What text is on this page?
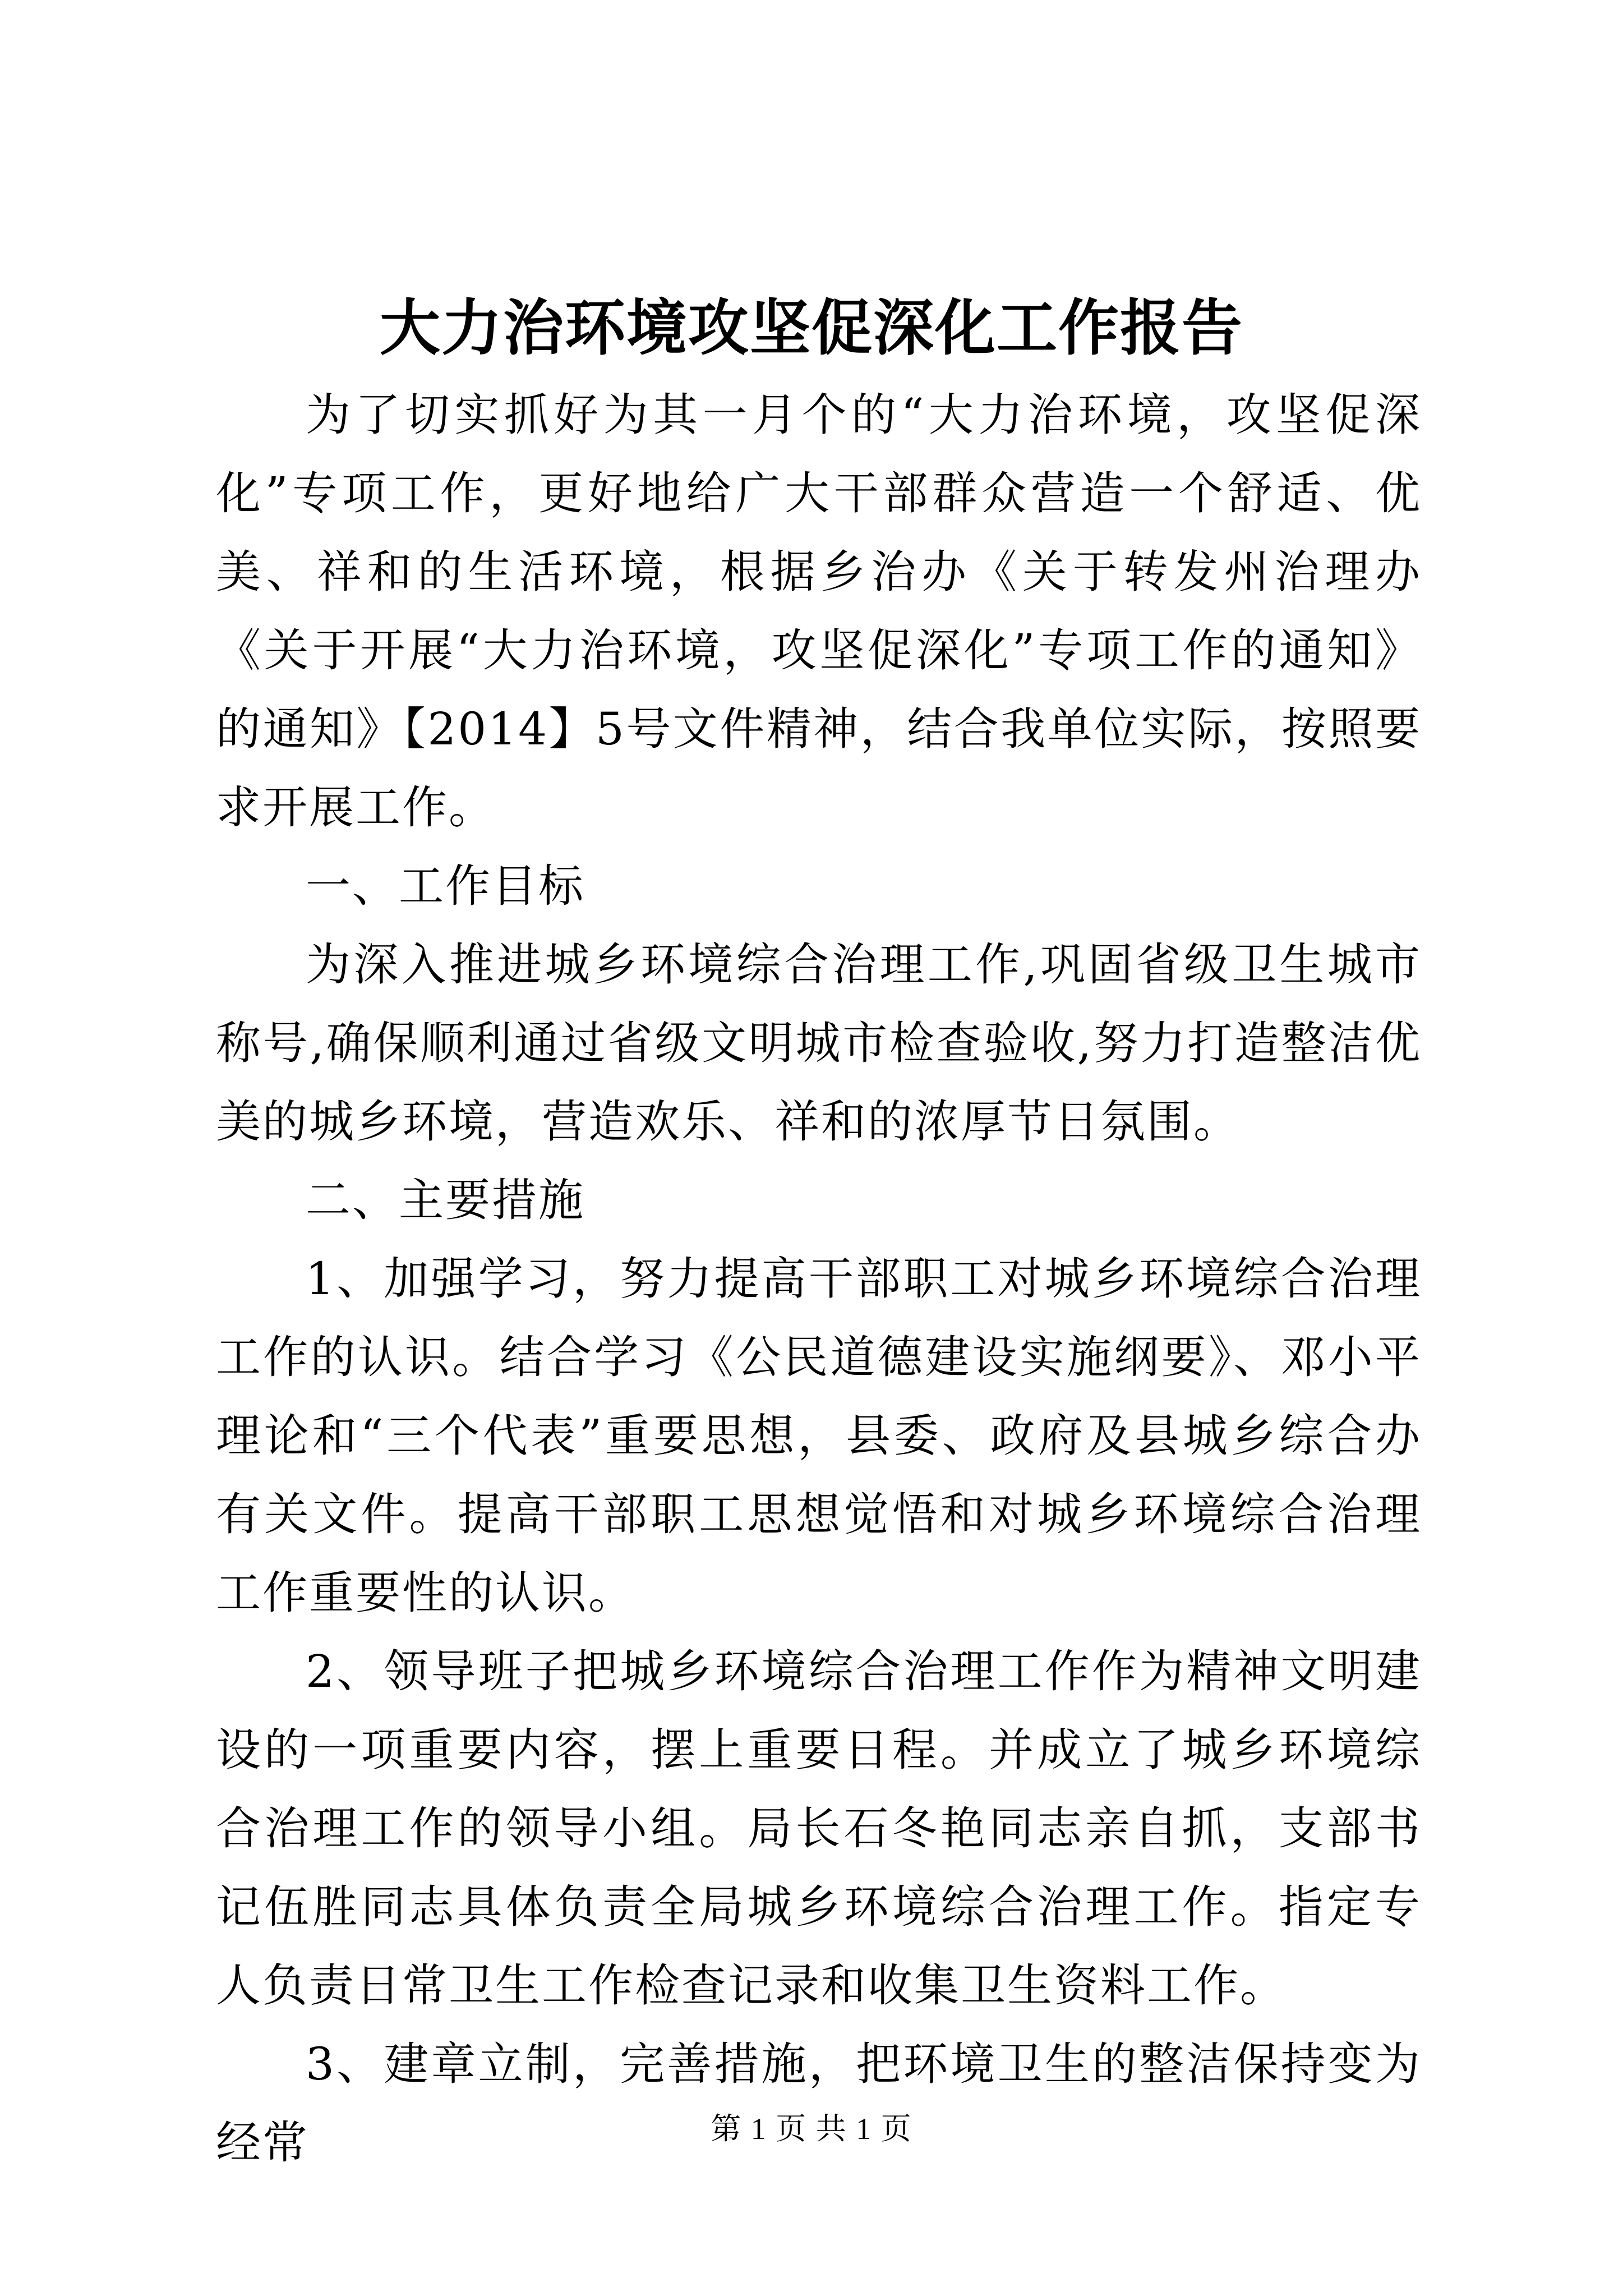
大力治环境攻坚促深化工作报告

为了切实抓好为其一月个的“大力治环境，攻坚促深化”专项工作，更好地给广大干部群众营造一个舒适、优美、祥和的生活环境，根据乡治办《关于转发州治理办《关于开展“大力治环境，攻坚促深化”专项工作的通知》的通知》【2014】5号文件精神，结合我单位实际，按照要求开展工作。

一、工作目标

为深入推进城乡环境综合治理工作,巩固省级卫生城市称号,确保顺利通过省级文明城市检查验收,努力打造整洁优美的城乡环境，营造欢乐、祥和的浓厚节日氛围。

二、主要措施

1、加强学习，努力提高干部职工对城乡环境综合治理工作的认识。结合学习《公民道德建设实施纲要》、邓小平理论和“三个代表”重要思想，县委、政府及县城乡综合办有关文件。提高干部职工思想觉悟和对城乡环境综合治理工作重要性的认识。

2、领导班子把城乡环境综合治理工作作为精神文明建设的一项重要内容，摆上重要日程。并成立了城乡环境综合治理工作的领导小组。局长石冬艳同志亲自抓，支部书记伍胜同志具体负责全局城乡环境综合治理工作。指定专人负责日常卫生工作检查记录和收集卫生资料工作。

3、建章立制，完善措施，把环境卫生的整洁保持变为经常	第 1 页 共 1 页
